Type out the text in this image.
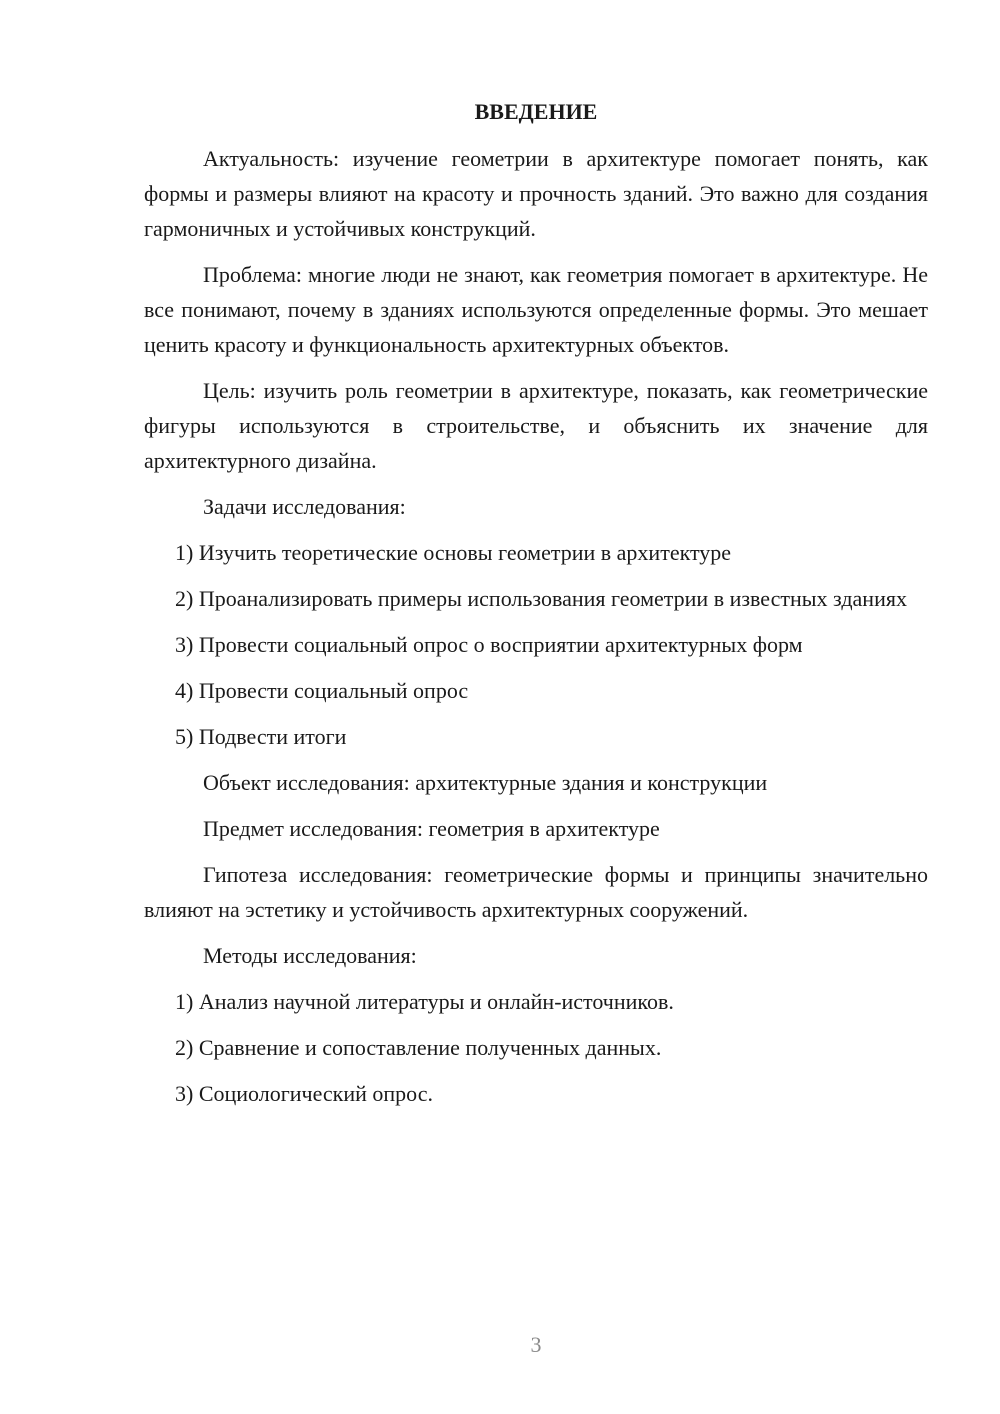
ВВЕДЕНИЕ

Актуальность: изучение геометрии в архитектуре помогает понять, как формы и размеры влияют на красоту и прочность зданий. Это важно для создания гармоничных и устойчивых конструкций.

Проблема: многие люди не знают, как геометрия помогает в архитектуре. Не все понимают, почему в зданиях используются определенные формы. Это мешает ценить красоту и функциональность архитектурных объектов.

Цель: изучить роль геометрии в архитектуре, показать, как геометрические фигуры используются в строительстве, и объяснить их значение для архитектурного дизайна.

Задачи исследования:

1) Изучить теоретические основы геометрии в архитектуре

2) Проанализировать примеры использования геометрии в известных зданиях

3) Провести социальный опрос о восприятии архитектурных форм

4) Провести социальный опрос

5) Подвести итоги

Объект исследования: архитектурные здания и конструкции

Предмет исследования: геометрия в архитектуре

Гипотеза исследования: геометрические формы и принципы значительно влияют на эстетику и устойчивость архитектурных сооружений.

Методы исследования:

1) Анализ научной литературы и онлайн-источников.

2) Сравнение и сопоставление полученных данных.

3) Социологический опрос.

3
